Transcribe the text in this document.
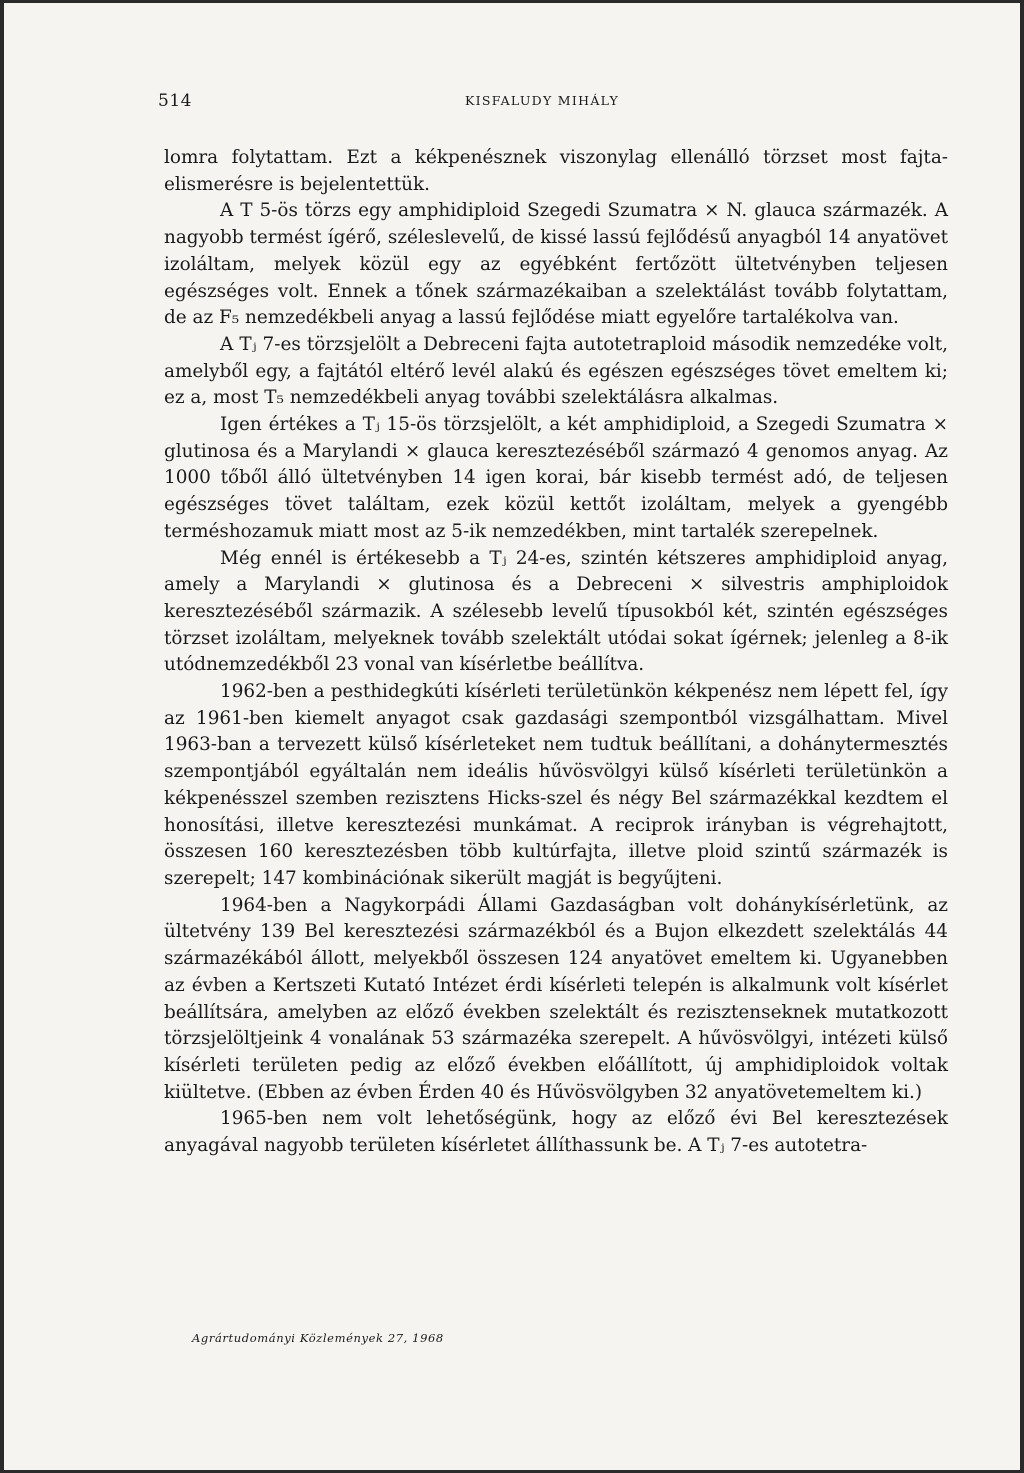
514	KISFALUDY MIHÁLY

lomra folytattam. Ezt a kékpenésznek viszonylag ellenálló törzset most fajtaelismerésre is bejelentettük.

A T 5-ös törzs egy amphidiploid Szegedi Szumatra × N. glauca származék. A nagyobb termést ígérő, széleslevelű, de kissé lassú fejlődésű anyagból 14 anyatövet izoláltam, melyek közül egy az egyébként fertőzött ültetvényben teljesen egészséges volt. Ennek a tőnek származékaiban a szelektálást tovább folytattam, de az F₅ nemzedékbeli anyag a lassú fejlődése miatt egyelőre tartalékolva van.

A Tⱼ 7-es törzsjelölt a Debreceni fajta autotetraploid második nemzedéke volt, amelyből egy, a fajtától eltérő levél alakú és egészen egészséges tövet emeltem ki; ez a, most T₅ nemzedékbeli anyag további szelektálásra alkalmas.

Igen értékes a Tⱼ 15-ös törzsjelölt, a két amphidiploid, a Szegedi Szumatra × glutinosa és a Marylandi × glauca keresztezéséből származó 4 genomos anyag. Az 1000 tőből álló ültetvényben 14 igen korai, bár kisebb termést adó, de teljesen egészséges tövet találtam, ezek közül kettőt izoláltam, melyek a gyengébb terméshozamuk miatt most az 5-ik nemzedékben, mint tartalék szerepelnek.

Még ennél is értékesebb a Tⱼ 24-es, szintén kétszeres amphidiploid anyag, amely a Marylandi × glutinosa és a Debreceni × silvestris amphiploidok keresztezéséből származik. A szélesebb levelű típusokból két, szintén egészséges törzset izoláltam, melyeknek tovább szelektált utódai sokat ígérnek; jelenleg a 8-ik utódnemzedékből 23 vonal van kísérletbe beállítva.

1962-ben a pesthidegkúti kísérleti területünkön kékpenész nem lépett fel, így az 1961-ben kiemelt anyagot csak gazdasági szempontból vizsgálhattam. Mivel 1963-ban a tervezett külső kísérleteket nem tudtuk beállítani, a dohánytermesztés szempontjából egyáltalán nem ideális hűvösvölgyi külső kísérleti területünkön a kékpenésszel szemben rezisztens Hicks-szel és négy Bel származékkal kezdtem el honosítási, illetve keresztezési munkámat. A reciprok irányban is végrehajtott, összesen 160 keresztezésben több kultúrfajta, illetve ploid szintű származék is szerepelt; 147 kombinációnak sikerült magját is begyűjteni.

1964-ben a Nagykorpádi Állami Gazdaságban volt dohánykísérletünk, az ültetvény 139 Bel keresztezési származékból és a Bujon elkezdett szelektálás 44 származékából állott, melyekből összesen 124 anyatövet emeltem ki. Ugyanebben az évben a Kertszeti Kutató Intézet érdi kísérleti telepén is alkalmunk volt kísérlet beállítsára, amelyben az előző években szelektált és rezisztenseknek mutatkozott törzsjelöltjeink 4 vonalának 53 származéka szerepelt. A hűvösvölgyi, intézeti külső kísérleti területen pedig az előző években előállított, új amphidiploidok voltak kiültetve. (Ebben az évben Érden 40 és Hűvösvölgyben 32 anyatövetemeltem ki.)

1965-ben nem volt lehetőségünk, hogy az előző évi Bel keresztezések anyagával nagyobb területen kísérletet állíthassunk be. A Tⱼ 7-es autotetra-

Agrártudományi Közlemények 27, 1968
